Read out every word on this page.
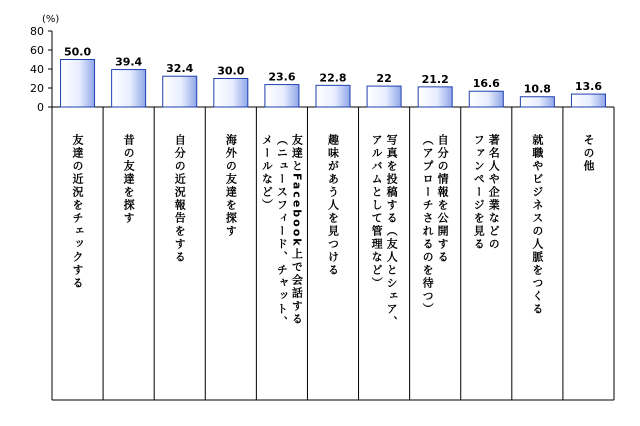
(%)
0
20
40
60
80
50.0
友達の近況をチェックする
39.4
昔の友達を探す
32.4
自分の近況報告をする
30.0
海外の友達を探す
23.6
友達とFacebook上で会話する
（ニュースフィード、チャット、
メールなど）
22.8
趣味があう人を見つける
22
写真を投稿する（友人とシェア、
アルバムとして管理など）
21.2
自分の情報を公開する
（アプローチされるのを待つ）
16.6
著名人や企業などの
ファンページを見る
10.8
就職やビジネスの人脈をつくる
13.6
その他
